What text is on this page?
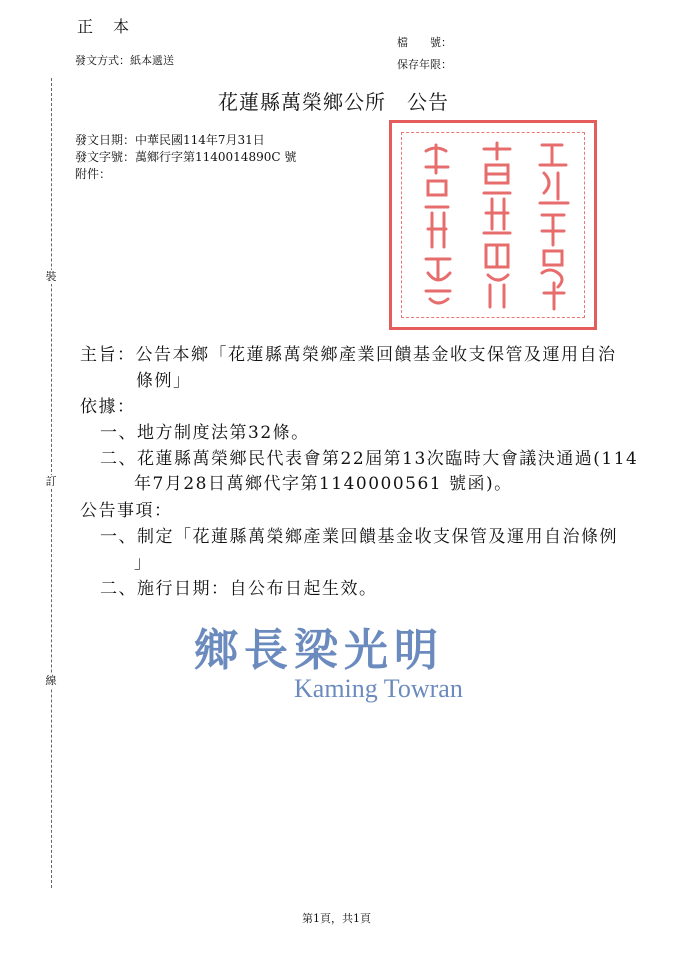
正　本
發文方式：紙本遞送
檔　　號：
保存年限：
花蓮縣萬榮鄉公所　公告
發文日期：中華民國114年7月31日
發文字號：萬鄉行字第1140014890C 號
附件：
裝
訂
線
主旨：公告本鄉「花蓮縣萬榮鄉產業回饋基金收支保管及運用自治
條例」
依據：
一、地方制度法第32條。
二、花蓮縣萬榮鄉民代表會第22屆第13次臨時大會議決通過(114
年7月28日萬鄉代字第1140000561 號函)。
公告事項：
一、制定「花蓮縣萬榮鄉產業回饋基金收支保管及運用自治條例
」
二、施行日期：自公布日起生效。
鄉長梁光明
Kaming Towran
第1頁，共1頁
